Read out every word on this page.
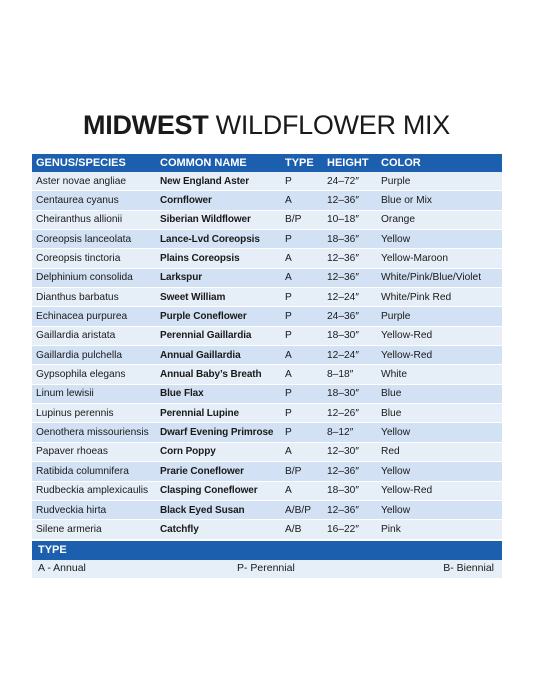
MIDWEST WILDFLOWER MIX
GENUS/SPECIES	COMMON NAME	TYPE	HEIGHT	COLOR
Aster novae angliae	New England Aster	P	24–72″	Purple
Centaurea cyanus	Cornflower	A	12–36″	Blue or Mix
Cheiranthus allionii	Siberian Wildflower	B/P	10–18″	Orange
Coreopsis lanceolata	Lance-Lvd Coreopsis	P	18–36″	Yellow
Coreopsis tinctoria	Plains Coreopsis	A	12–36″	Yellow-Maroon
Delphinium consolida	Larkspur	A	12–36″	White/Pink/Blue/Violet
Dianthus barbatus	Sweet William	P	12–24″	White/Pink Red
Echinacea purpurea	Purple Coneflower	P	24–36″	Purple
Gaillardia aristata	Perennial Gaillardia	P	18–30″	Yellow-Red
Gaillardia pulchella	Annual Gaillardia	A	12–24″	Yellow-Red
Gypsophila elegans	Annual Baby’s Breath	A	8–18″	White
Linum lewisii	Blue Flax	P	18–30″	Blue
Lupinus perennis	Perennial Lupine	P	12–26″	Blue
Oenothera missouriensis	Dwarf Evening Primrose	P	8–12″	Yellow
Papaver rhoeas	Corn Poppy	A	12–30″	Red
Ratibida columnifera	Prarie Coneflower	B/P	12–36″	Yellow
Rudbeckia amplexicaulis	Clasping Coneflower	A	18–30″	Yellow-Red
Rudveckia hirta	Black Eyed Susan	A/B/P	12–36″	Yellow
Silene armeria	Catchfly	A/B	16–22″	Pink
TYPE
A - Annual	P- Perennial	B- Biennial
